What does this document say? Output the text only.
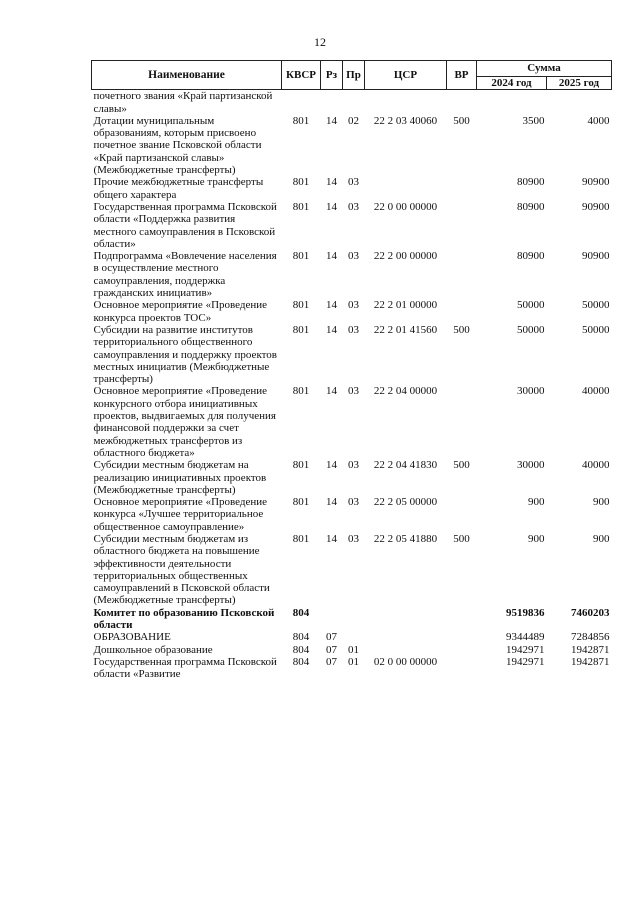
12
Наименование	КВСР	Рз	Пр	ЦСР	ВР	Сумма	
						2024 год	2025 год
почетного звания «Край партизанской славы»							
Дотации муниципальным образованиям, которым присвоено почетное звание Псковской области «Край партизанской славы» (Межбюджетные трансферты)	801	14	02	22 2 03 40060	500	3500	4000
Прочие межбюджетные трансферты общего характера	801	14	03			80900	90900
Государственная программа Псковской области «Поддержка развития местного самоуправления в Псковской области»	801	14	03	22 0 00 00000		80900	90900
Подпрограмма «Вовлечение населения в осуществление местного самоуправления, поддержка гражданских инициатив»	801	14	03	22 2 00 00000		80900	90900
Основное мероприятие «Проведение конкурса проектов ТОС»	801	14	03	22 2 01 00000		50000	50000
Субсидии на развитие институтов территориального общественного самоуправления и поддержку проектов местных инициатив (Межбюджетные трансферты)	801	14	03	22 2 01 41560	500	50000	50000
Основное мероприятие «Проведение конкурсного отбора инициативных проектов, выдвигаемых для получения финансовой поддержки за счет межбюджетных трансфертов из областного бюджета»	801	14	03	22 2 04 00000		30000	40000
Субсидии местным бюджетам на реализацию инициативных проектов (Межбюджетные трансферты)	801	14	03	22 2 04 41830	500	30000	40000
Основное мероприятие «Проведение конкурса «Лучшее территориальное общественное самоуправление»	801	14	03	22 2 05 00000		900	900
Субсидии местным бюджетам из областного бюджета на повышение эффективности деятельности территориальных общественных самоуправлений в Псковской области (Межбюджетные трансферты)	801	14	03	22 2 05 41880	500	900	900
Комитет по образованию Псковской области	804					9519836	7460203
ОБРАЗОВАНИЕ	804	07				9344489	7284856
Дошкольное образование	804	07	01			1942971	1942871
Государственная программа Псковской области «Развитие	804	07	01	02 0 00 00000		1942971	1942871
